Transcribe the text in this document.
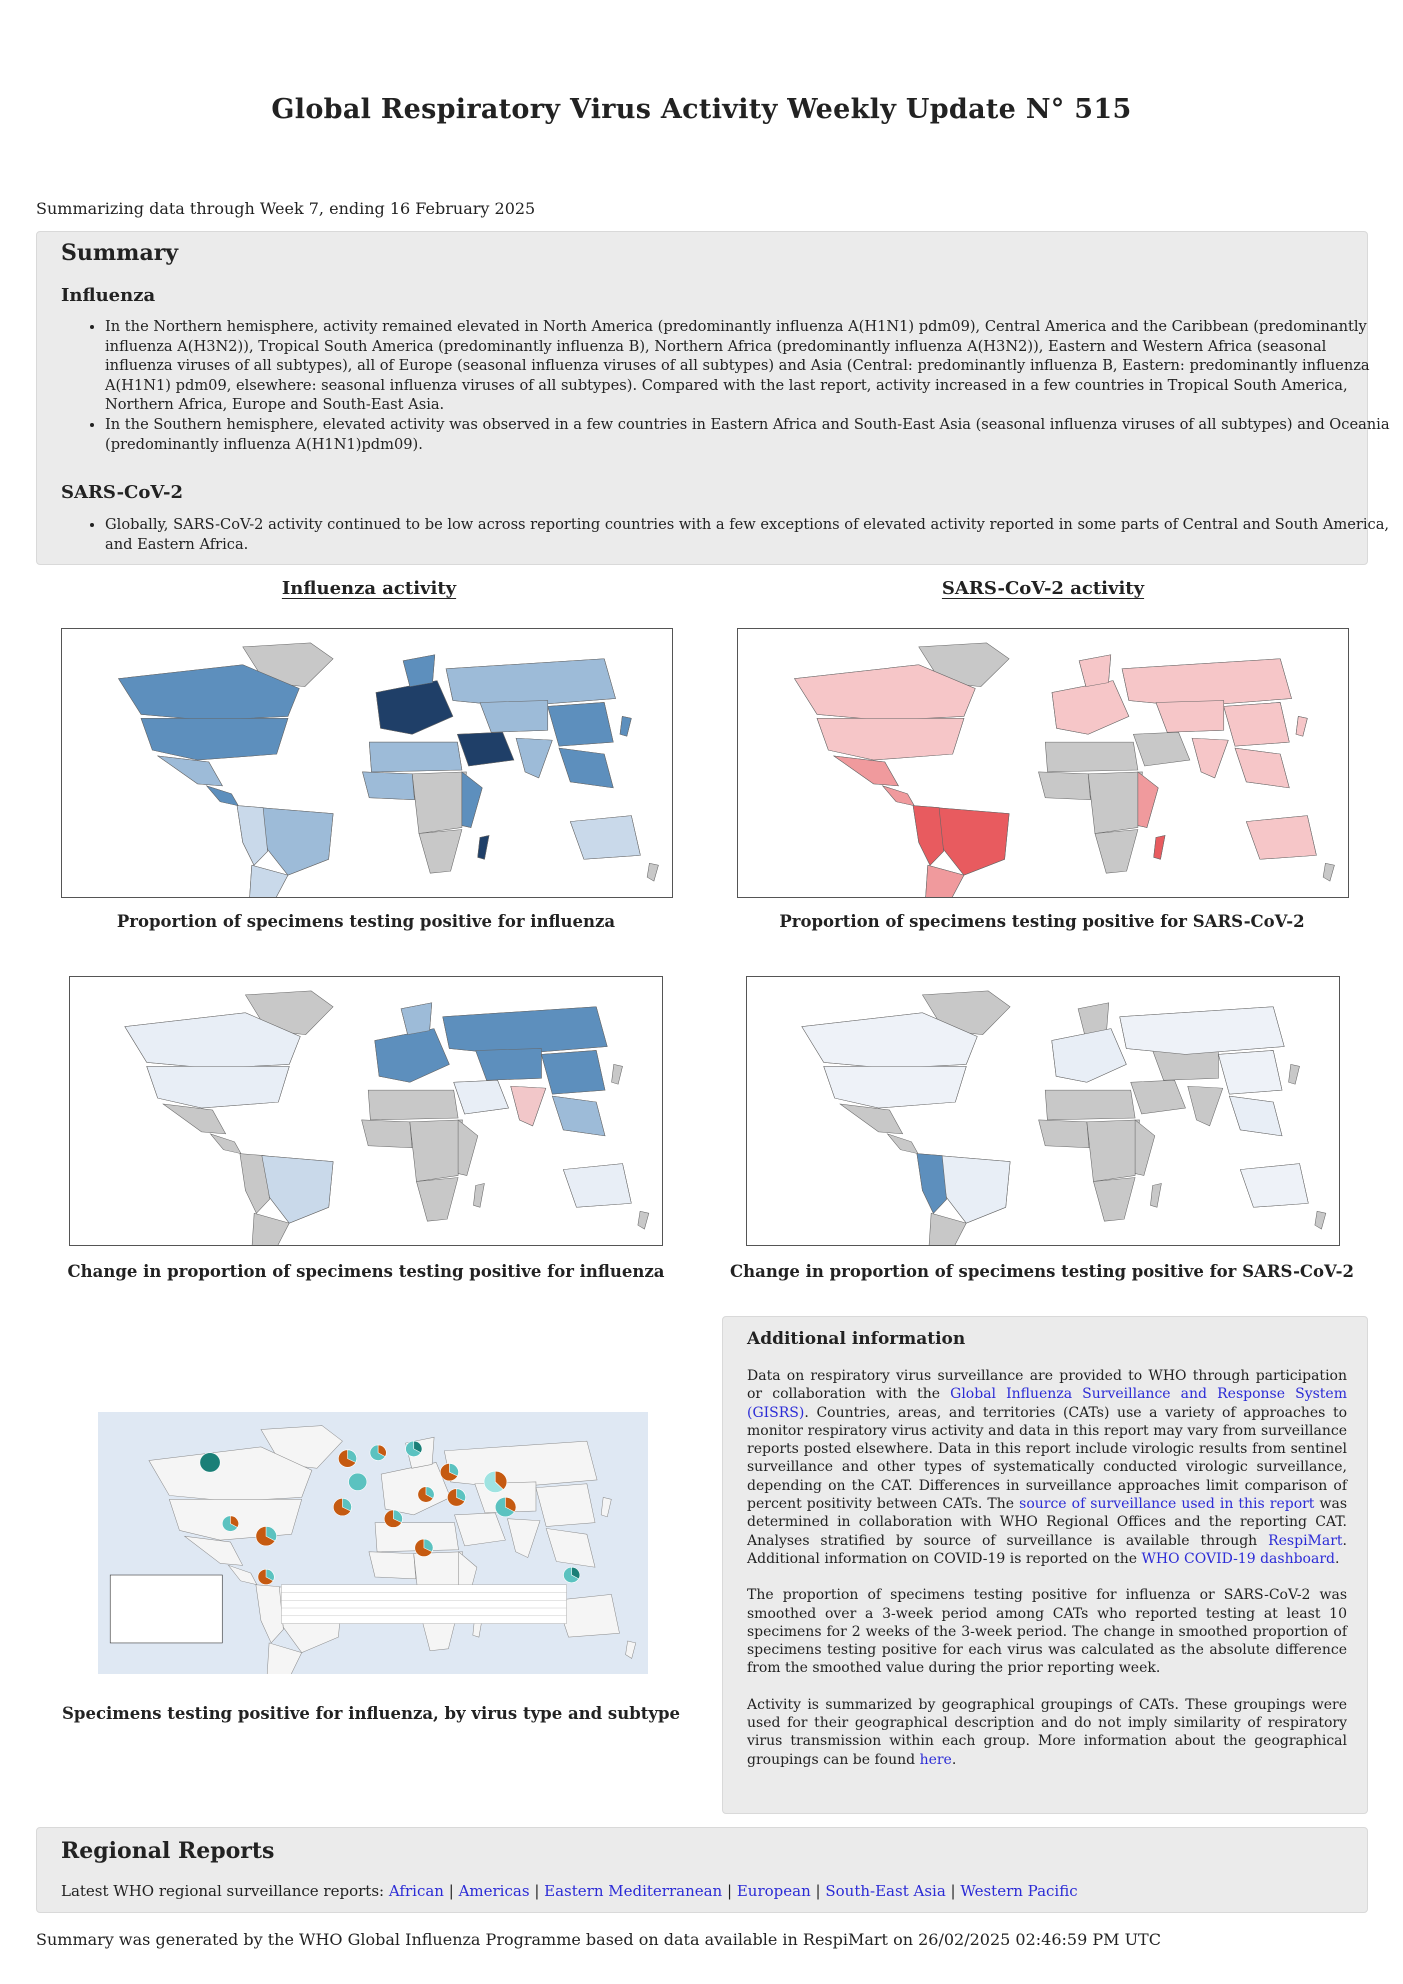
Global Respiratory Virus Activity Weekly Update N° 515
Summarizing data through Week 7, ending 16 February 2025
Summary
Influenza
• In the Northern hemisphere, activity remained elevated in North America (predominantly influenza A(H1N1) pdm09), Central America and the Caribbean (predominantly influenza A(H3N2)), Tropical South America (predominantly influenza B), Northern Africa (predominantly influenza A(H3N2)), Eastern and Western Africa (seasonal influenza viruses of all subtypes), all of Europe (seasonal influenza viruses of all subtypes) and Asia (Central: predominantly influenza B, Eastern: predominantly influenza A(H1N1) pdm09, elsewhere: seasonal influenza viruses of all subtypes). Compared with the last report, activity increased in a few countries in Tropical South America, Northern Africa, Europe and South-East Asia.
• In the Southern hemisphere, elevated activity was observed in a few countries in Eastern Africa and South-East Asia (seasonal influenza viruses of all subtypes) and Oceania (predominantly influenza A(H1N1)pdm09).
SARS-CoV-2
• Globally, SARS-CoV-2 activity continued to be low across reporting countries with a few exceptions of elevated activity reported in some parts of Central and South America, and Eastern Africa.
Influenza activity	SARS-CoV-2 activity
Proportion of specimens testing positive for influenza	Proportion of specimens testing positive for SARS-CoV-2
Change in proportion of specimens testing positive for influenza	Change in proportion of specimens testing positive for SARS-CoV-2
Specimens testing positive for influenza, by virus type and subtype
Additional information

Data on respiratory virus surveillance are provided to WHO through participation or collaboration with the Global Influenza Surveillance and Response System (GISRS). Countries, areas, and territories (CATs) use a variety of approaches to monitor respiratory virus activity and data in this report may vary from surveillance reports posted elsewhere. Data in this report include virologic results from sentinel surveillance and other types of systematically conducted virologic surveillance, depending on the CAT. Differences in surveillance approaches limit comparison of percent positivity between CATs. The source of surveillance used in this report was determined in collaboration with WHO Regional Offices and the reporting CAT. Analyses stratified by source of surveillance is available through RespiMart. Additional information on COVID-19 is reported on the WHO COVID-19 dashboard.

The proportion of specimens testing positive for influenza or SARS-CoV-2 was smoothed over a 3-week period among CATs who reported testing at least 10 specimens for 2 weeks of the 3-week period. The change in smoothed proportion of specimens testing positive for each virus was calculated as the absolute difference from the smoothed value during the prior reporting week.

Activity is summarized by geographical groupings of CATs. These groupings were used for their geographical description and do not imply similarity of respiratory virus transmission within each group. More information about the geographical groupings can be found here.

Regional Reports
Latest WHO regional surveillance reports: African | Americas | Eastern Mediterranean | European | South-East Asia | Western Pacific
Summary was generated by the WHO Global Influenza Programme based on data available in RespiMart on 26/02/2025 02:46:59 PM UTC
